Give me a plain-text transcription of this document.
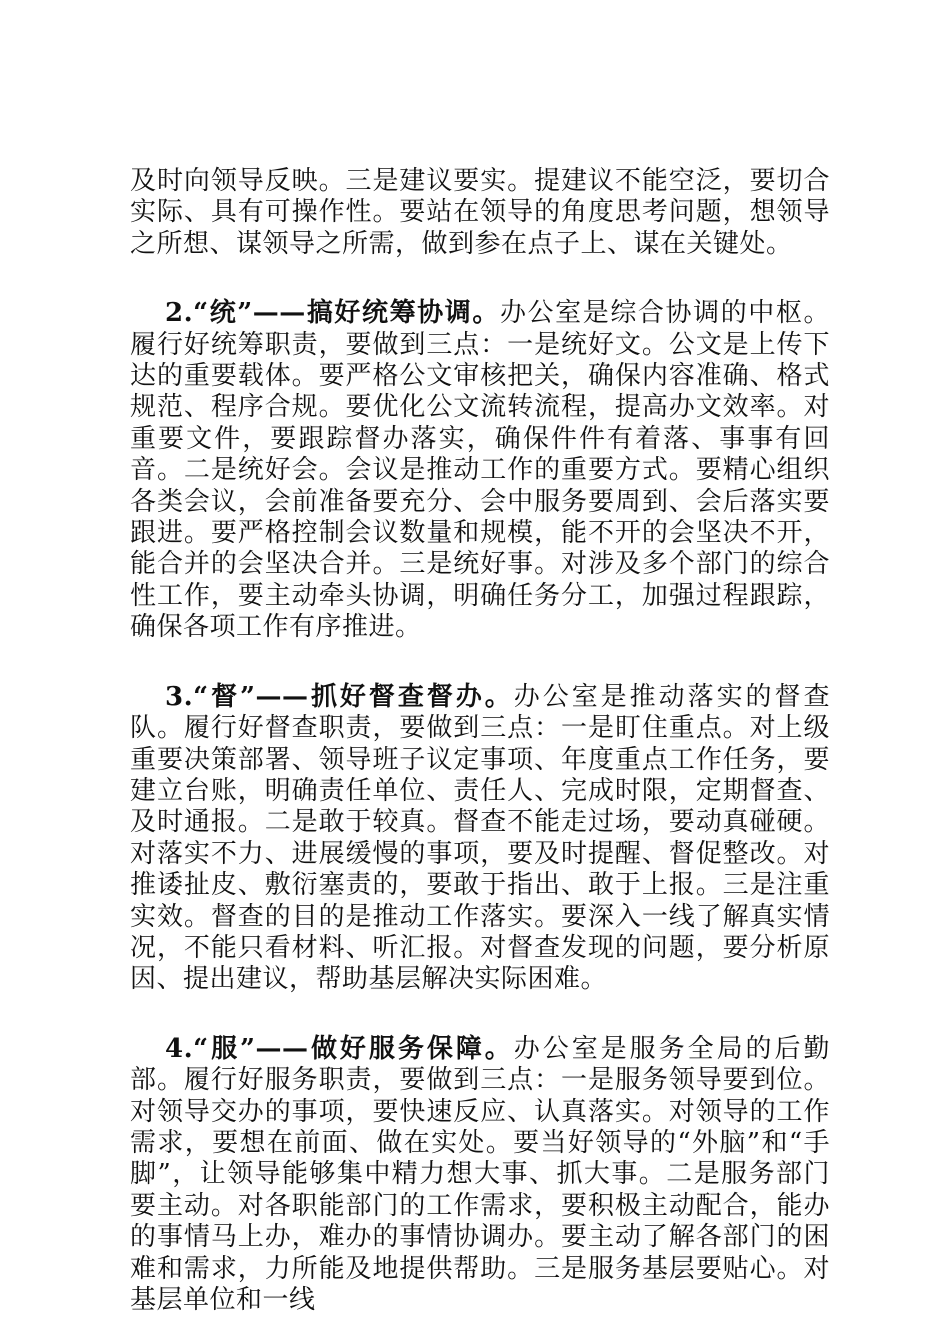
及时向领导反映。三是建议要实。提建议不能空泛，要切合实际、具有可操作性。要站在领导的角度思考问题，想领导之所想、谋领导之所需，做到参在点子上、谋在关键处。

2.“统”——搞好统筹协调。办公室是综合协调的中枢。履行好统筹职责，要做到三点：一是统好文。公文是上传下达的重要载体。要严格公文审核把关，确保内容准确、格式规范、程序合规。要优化公文流转流程，提高办文效率。对重要文件，要跟踪督办落实，确保件件有着落、事事有回音。二是统好会。会议是推动工作的重要方式。要精心组织各类会议，会前准备要充分、会中服务要周到、会后落实要跟进。要严格控制会议数量和规模，能不开的会坚决不开，能合并的会坚决合并。三是统好事。对涉及多个部门的综合性工作，要主动牵头协调，明确任务分工，加强过程跟踪，确保各项工作有序推进。

3.“督”——抓好督查督办。办公室是推动落实的督查队。履行好督查职责，要做到三点：一是盯住重点。对上级重要决策部署、领导班子议定事项、年度重点工作任务，要建立台账，明确责任单位、责任人、完成时限，定期督查、及时通报。二是敢于较真。督查不能走过场，要动真碰硬。对落实不力、进展缓慢的事项，要及时提醒、督促整改。对推诿扯皮、敷衍塞责的，要敢于指出、敢于上报。三是注重实效。督查的目的是推动工作落实。要深入一线了解真实情况，不能只看材料、听汇报。对督查发现的问题，要分析原因、提出建议，帮助基层解决实际困难。

4.“服”——做好服务保障。办公室是服务全局的后勤部。履行好服务职责，要做到三点：一是服务领导要到位。对领导交办的事项，要快速反应、认真落实。对领导的工作需求，要想在前面、做在实处。要当好领导的“外脑”和“手脚”，让领导能够集中精力想大事、抓大事。二是服务部门要主动。对各职能部门的工作需求，要积极主动配合，能办的事情马上办，难办的事情协调办。要主动了解各部门的困难和需求，力所能及地提供帮助。三是服务基层要贴心。对基层单位和一线
